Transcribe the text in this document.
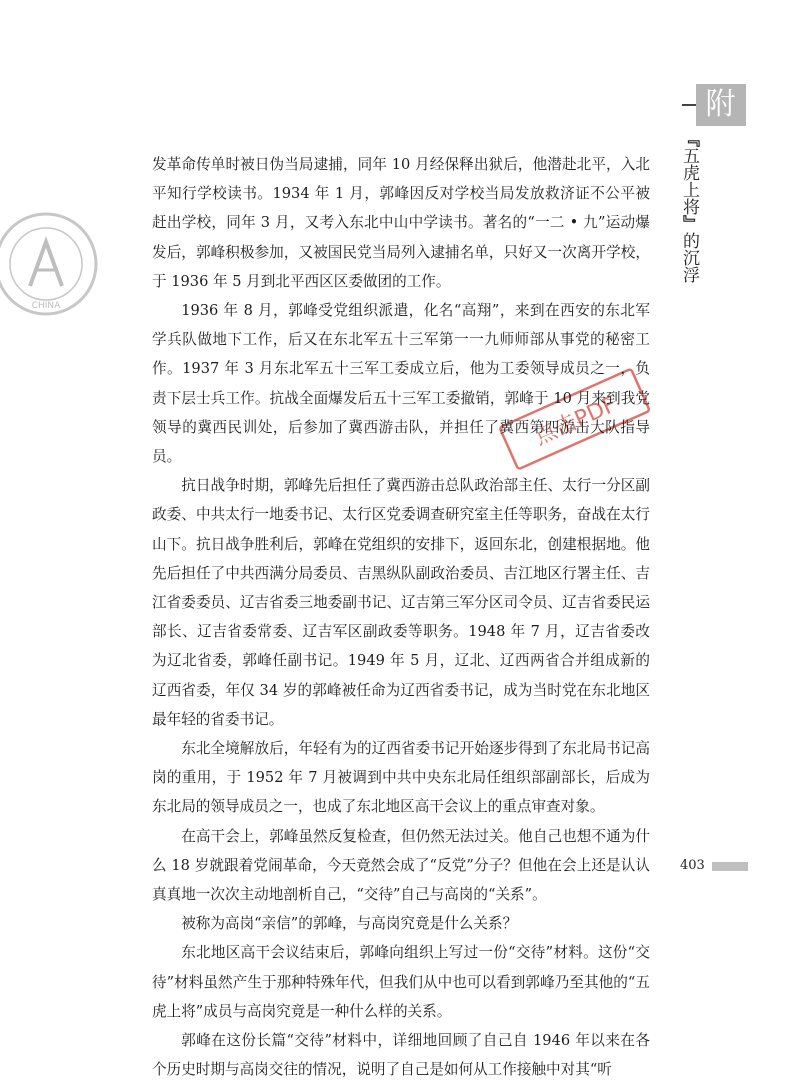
附录
『五虎上将』的沉浮
CHINA
点击PDF

发革命传单时被日伪当局逮捕，同年 10 月经保释出狱后，他潜赴北平，入北平知行学校读书。1934 年 1 月，郭峰因反对学校当局发放救济证不公平被赶出学校，同年 3 月，又考入东北中山中学读书。著名的“一二 • 九”运动爆发后，郭峰积极参加，又被国民党当局列入逮捕名单，只好又一次离开学校，于 1936 年 5 月到北平西区区委做团的工作。

1936 年 8 月，郭峰受党组织派遣，化名“高翔”，来到在西安的东北军学兵队做地下工作，后又在东北军五十三军第一一九师师部从事党的秘密工作。1937 年 3 月东北军五十三军工委成立后，他为工委领导成员之一，负责下层士兵工作。抗战全面爆发后五十三军工委撤销，郭峰于 10 月来到我党领导的冀西民训处，后参加了冀西游击队，并担任了冀西第四游击大队指导员。

抗日战争时期，郭峰先后担任了冀西游击总队政治部主任、太行一分区副政委、中共太行一地委书记、太行区党委调查研究室主任等职务，奋战在太行山下。抗日战争胜利后，郭峰在党组织的安排下，返回东北，创建根据地。他先后担任了中共西满分局委员、吉黑纵队副政治委员、吉江地区行署主任、吉江省委委员、辽吉省委三地委副书记、辽吉第三军分区司令员、辽吉省委民运部长、辽吉省委常委、辽吉军区副政委等职务。1948 年 7 月，辽吉省委改为辽北省委，郭峰任副书记。1949 年 5 月，辽北、辽西两省合并组成新的辽西省委，年仅 34 岁的郭峰被任命为辽西省委书记，成为当时党在东北地区最年轻的省委书记。

东北全境解放后，年轻有为的辽西省委书记开始逐步得到了东北局书记高岗的重用，于 1952 年 7 月被调到中共中央东北局任组织部副部长，后成为东北局的领导成员之一，也成了东北地区高干会议上的重点审查对象。

在高干会上，郭峰虽然反复检查，但仍然无法过关。他自己也想不通为什么 18 岁就跟着党闹革命，今天竟然会成了“反党”分子？但他在会上还是认认真真地一次次主动地剖析自己，“交待”自己与高岗的“关系”。

被称为高岗“亲信”的郭峰，与高岗究竟是什么关系？

东北地区高干会议结束后，郭峰向组织上写过一份“交待”材料。这份“交待”材料虽然产生于那种特殊年代，但我们从中也可以看到郭峰乃至其他的“五虎上将”成员与高岗究竟是一种什么样的关系。

郭峰在这份长篇“交待”材料中，详细地回顾了自己自 1946 年以来在各个历史时期与高岗交往的情况，说明了自己是如何从工作接触中对其“听

403
